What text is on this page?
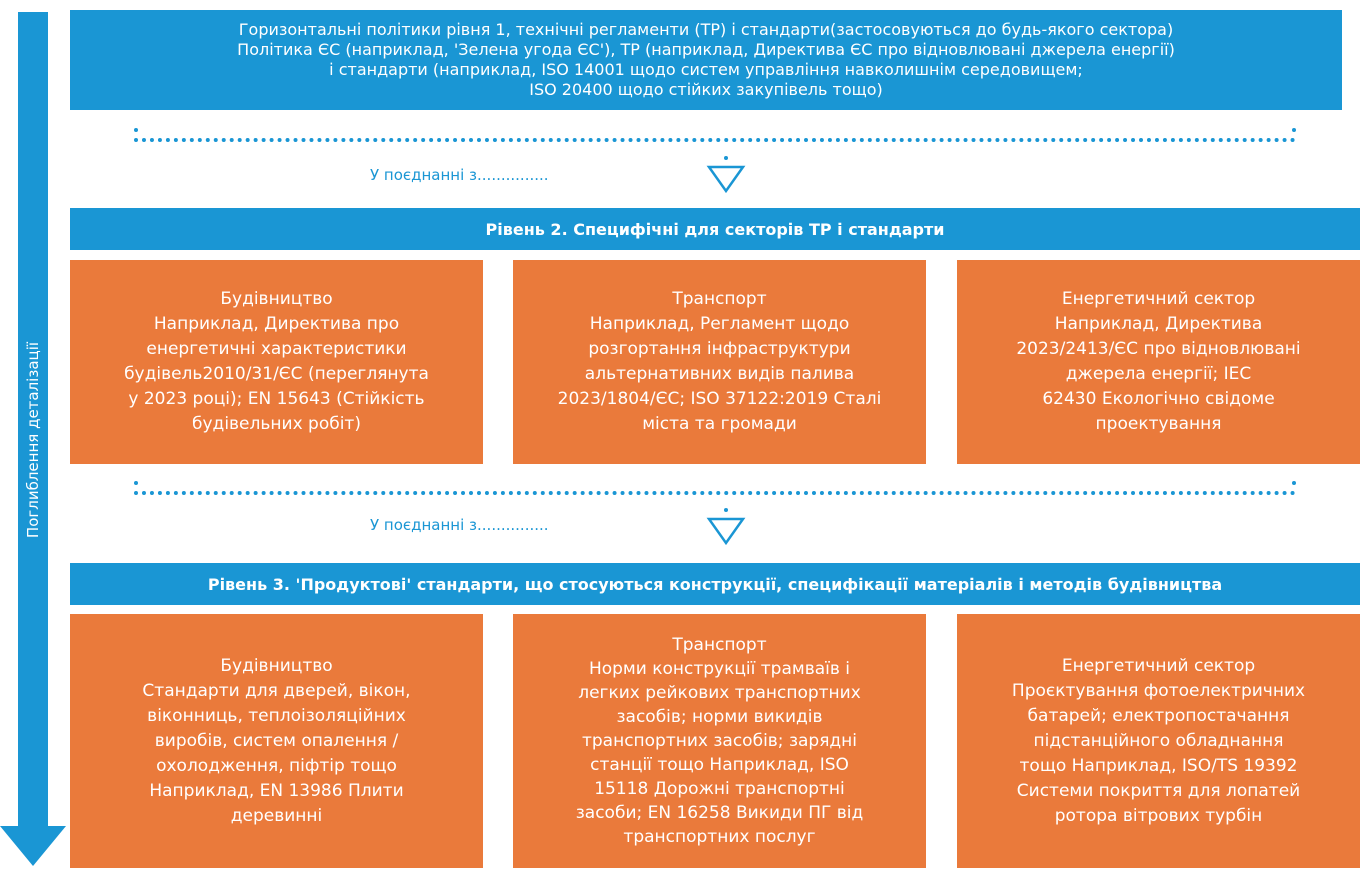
Поглиблення деталізації
Горизонтальні політики рівня 1, технічні регламенти (ТР) і стандарти(застосовуються до будь-якого сектора)
Політика ЄС (наприклад, 'Зелена угода ЄС'), ТР (наприклад, Директива ЄС про відновлювані джерела енергії)
і стандарти (наприклад, ISO 14001 щодо систем управління навколишнім середовищем;
ISO 20400 щодо стійких закупівель тощо)
У поєднанні з...............
Рівень 2. Специфічні для секторів ТР і стандарти
Будівництво
Наприклад, Директива про
енергетичні характеристики
будівель2010/31/ЄС (переглянута
у 2023 році); EN 15643 (Стійкість
будівельних робіт)
Транспорт
Наприклад, Регламент щодо
розгортання інфраструктури
альтернативних видів палива
2023/1804/ЄС; ISO 37122:2019 Сталі
міста та громади
Енергетичний сектор
Наприклад, Директива
2023/2413/ЄС про відновлювані
джерела енергії; IEC
62430 Екологічно свідоме
проектування
У поєднанні з...............
Рівень 3. 'Продуктові' стандарти, що стосуються конструкції, специфікації матеріалів і методів будівництва
Будівництво
Стандарти для дверей, вікон,
віконниць, теплоізоляційних
виробів, систем опалення /
охолодження, піфтір тощо
Наприклад, EN 13986 Плити
деревинні
Транспорт
Норми конструкції трамваїв і
легких рейкових транспортних
засобів; норми викидів
транспортних засобів; зарядні
станції тощо Наприклад, ISO
15118 Дорожні транспортні
засоби; EN 16258 Викиди ПГ від
транспортних послуг
Енергетичний сектор
Проєктування фотоелектричних
батарей; електропостачання
підстанційного обладнання
тощо Наприклад, ISO/TS 19392
Системи покриття для лопатей
ротора вітрових турбін
